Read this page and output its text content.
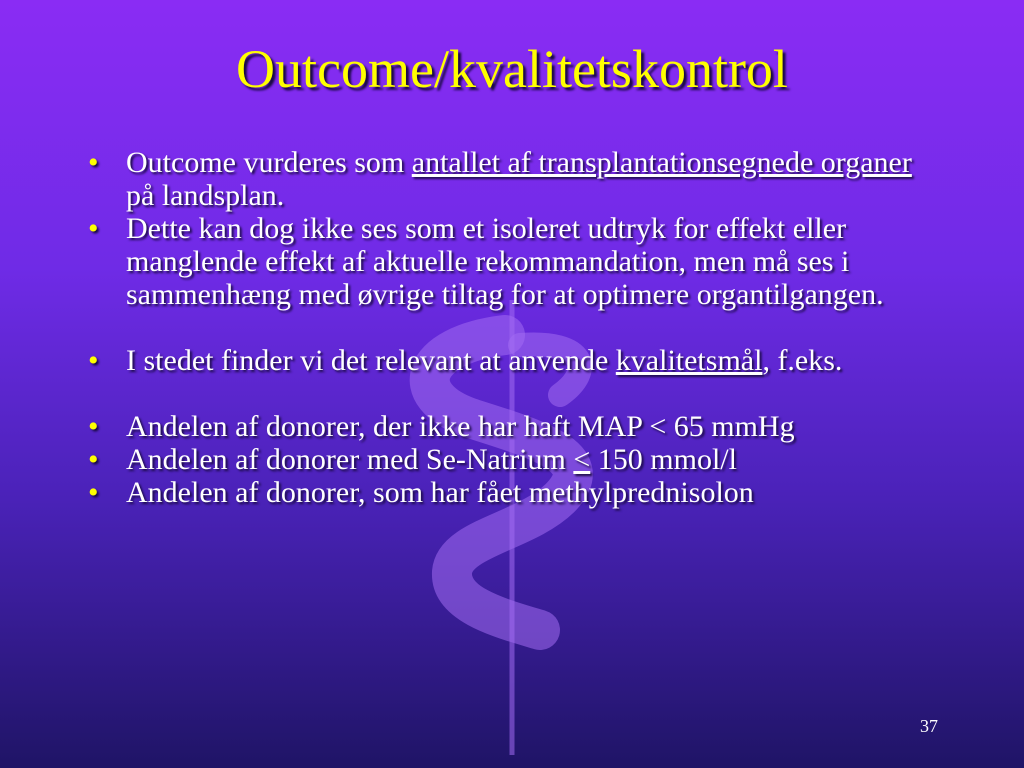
Outcome/kvalitetskontrol
• Outcome vurderes som antallet af transplantationsegnede organer på landsplan.
• Dette kan dog ikke ses som et isoleret udtryk for effekt eller manglende effekt af aktuelle rekommandation, men må ses i sammenhæng med øvrige tiltag for at optimere organtilgangen.
• I stedet finder vi det relevant at anvende kvalitetsmål, f.eks.
• Andelen af donorer, der ikke har haft MAP < 65 mmHg
• Andelen af donorer med Se-Natrium < 150 mmol/l
• Andelen af donorer, som har fået methylprednisolon
37
